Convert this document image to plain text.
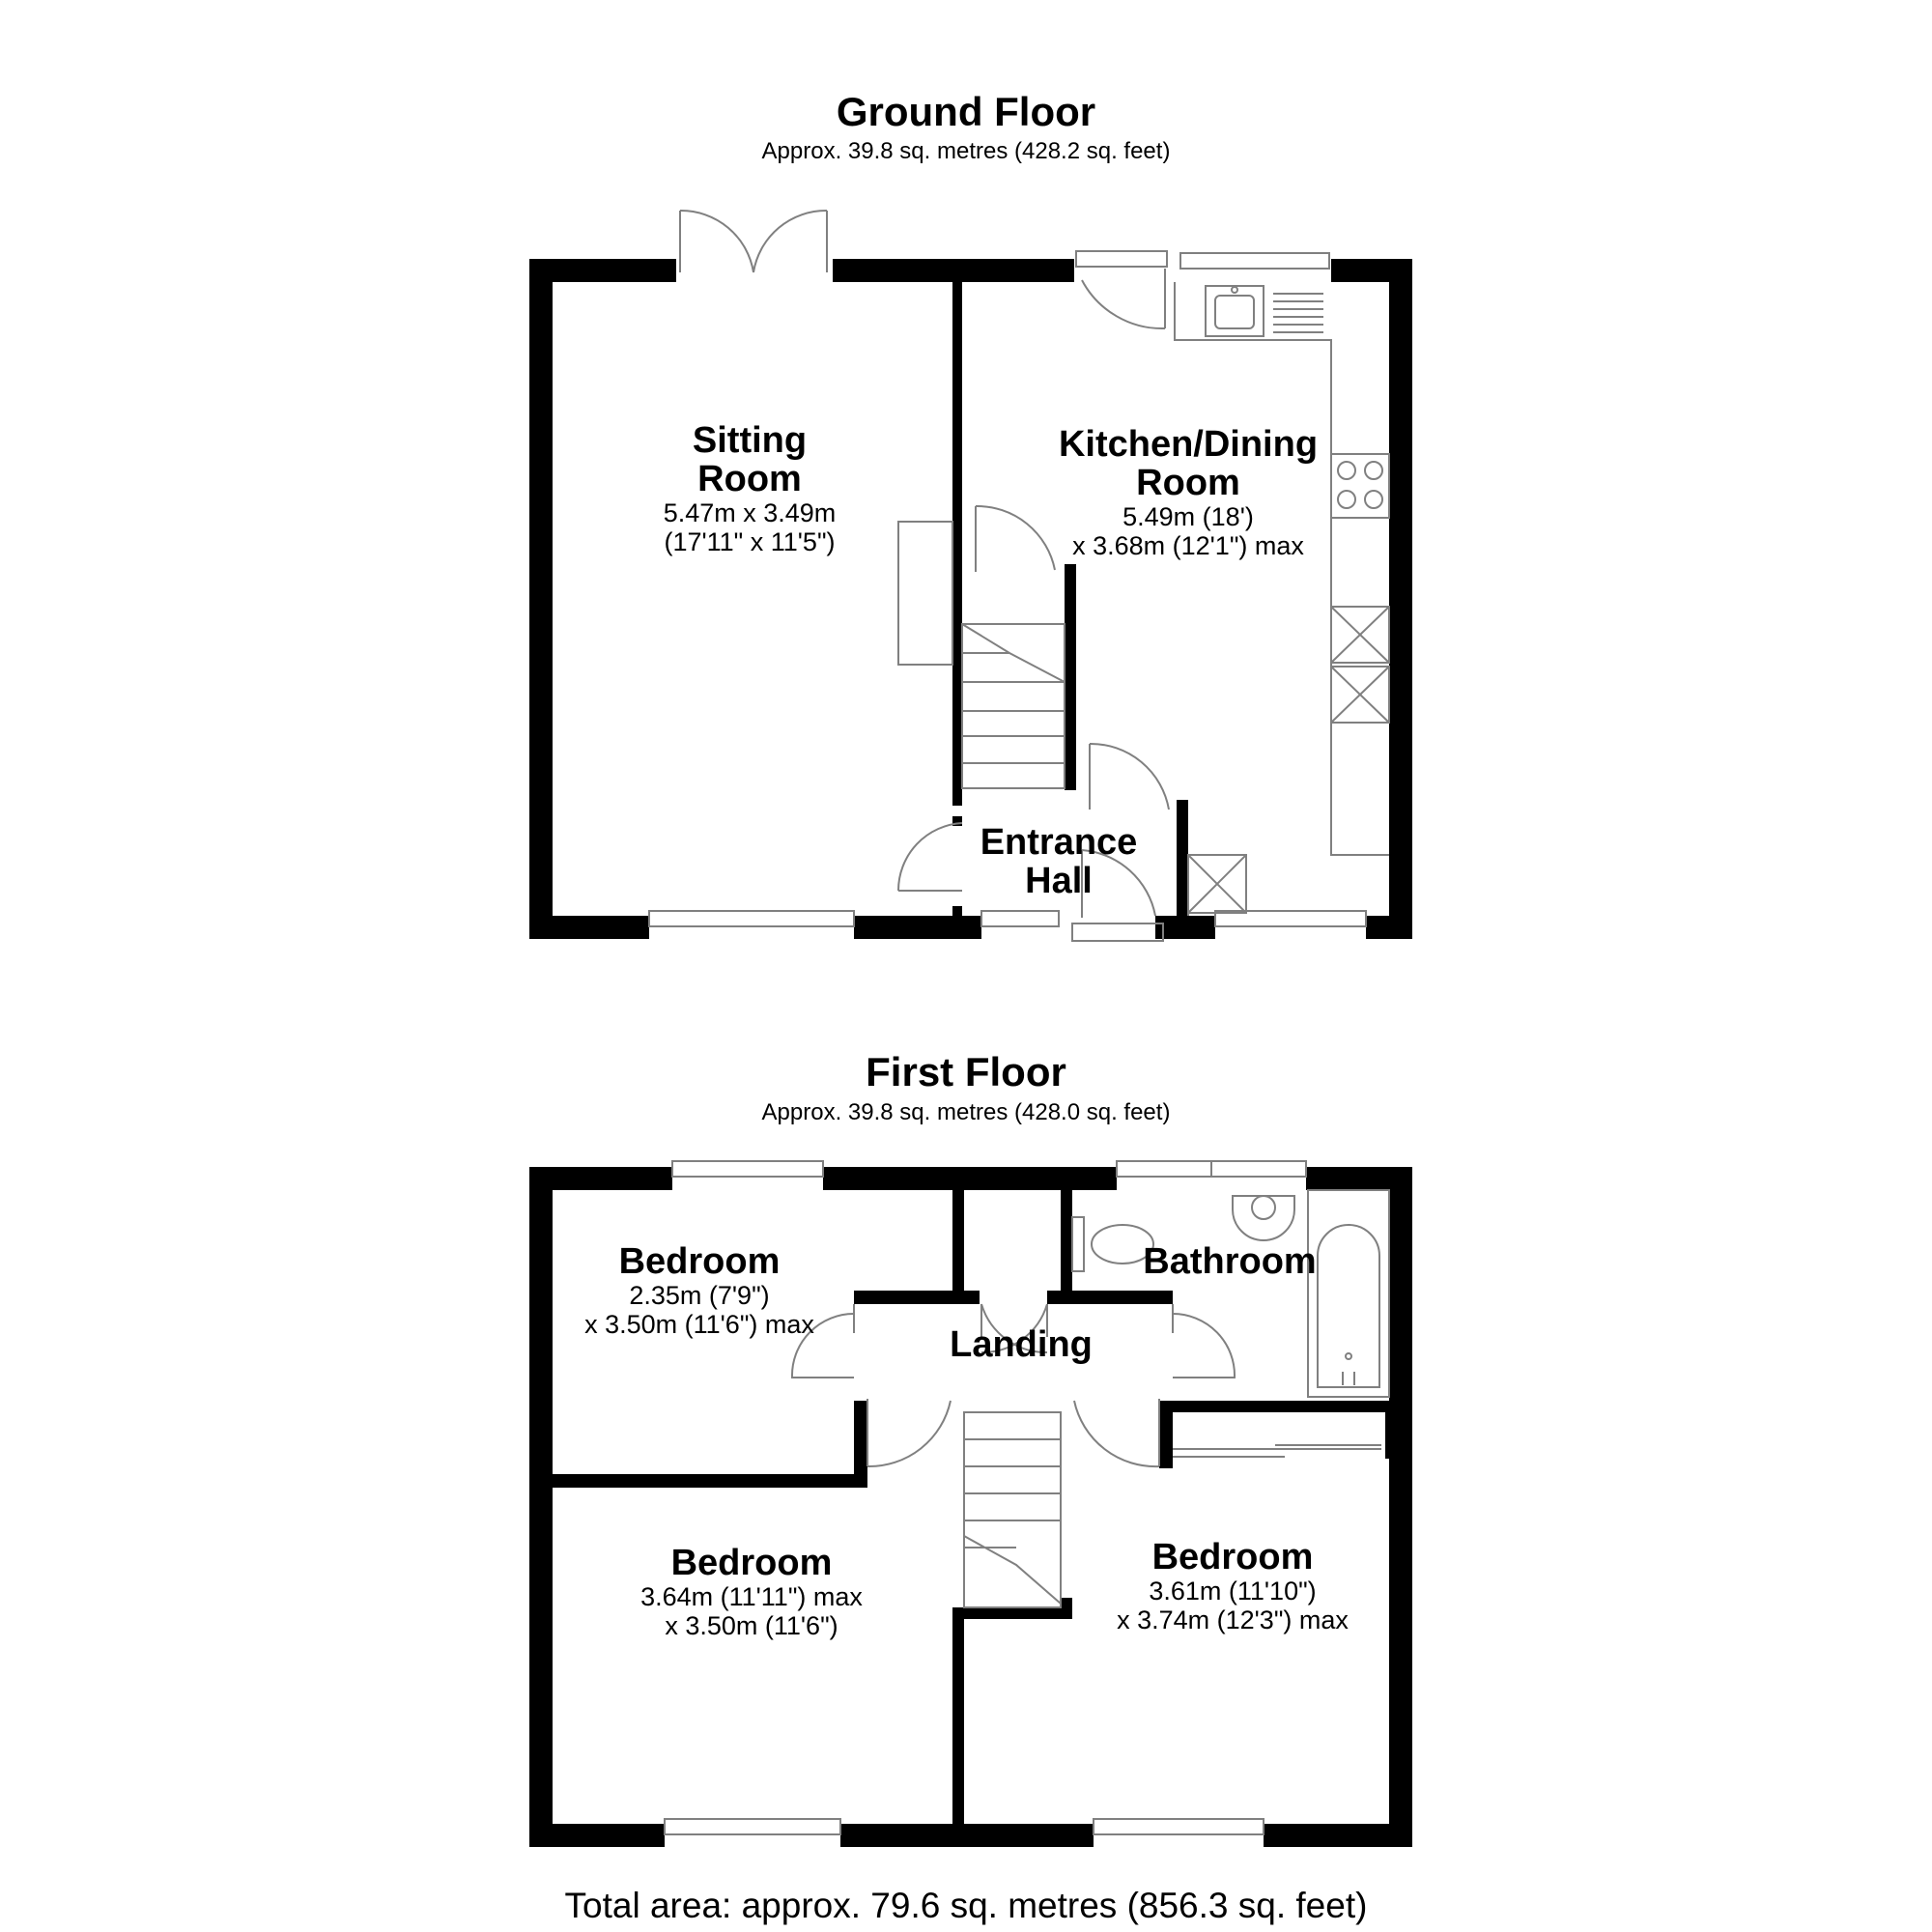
Ground Floor
Approx. 39.8 sq. metres (428.2 sq. feet)
Sitting
Room
5.47m x 3.49m
(17'11" x 11'5")
Kitchen/Dining
Room
5.49m (18')
x 3.68m (12'1") max
Entrance
Hall
First Floor
Approx. 39.8 sq. metres (428.0 sq. feet)
Bedroom
2.35m (7'9")
x 3.50m (11'6") max
Bathroom
Landing
Bedroom
3.64m (11'11") max
x 3.50m (11'6")
Bedroom
3.61m (11'10")
x 3.74m (12'3") max
Total area: approx. 79.6 sq. metres (856.3 sq. feet)
